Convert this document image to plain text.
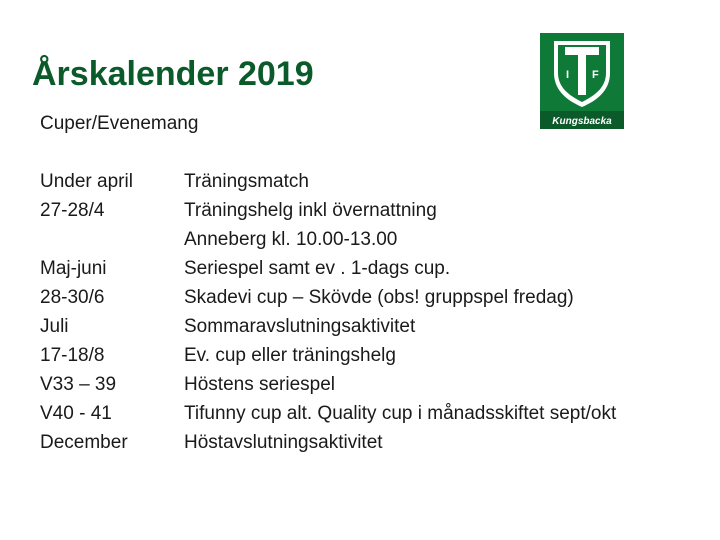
Årskalender 2019
Cuper/Evenemang
I F
Kungsbacka
Under april
27-28/4
Maj-juni
28-30/6
Juli
17-18/8
V33 – 39
V40 - 41
December
Träningsmatch
Träningshelg inkl övernattning
Anneberg kl. 10.00-13.00
Seriespel samt ev . 1-dags cup.
Skadevi cup – Skövde (obs! gruppspel fredag)
Sommaravslutningsaktivitet
Ev. cup eller träningshelg
Höstens seriespel
Tifunny cup alt. Quality cup i månadsskiftet sept/okt
Höstavslutningsaktivitet
